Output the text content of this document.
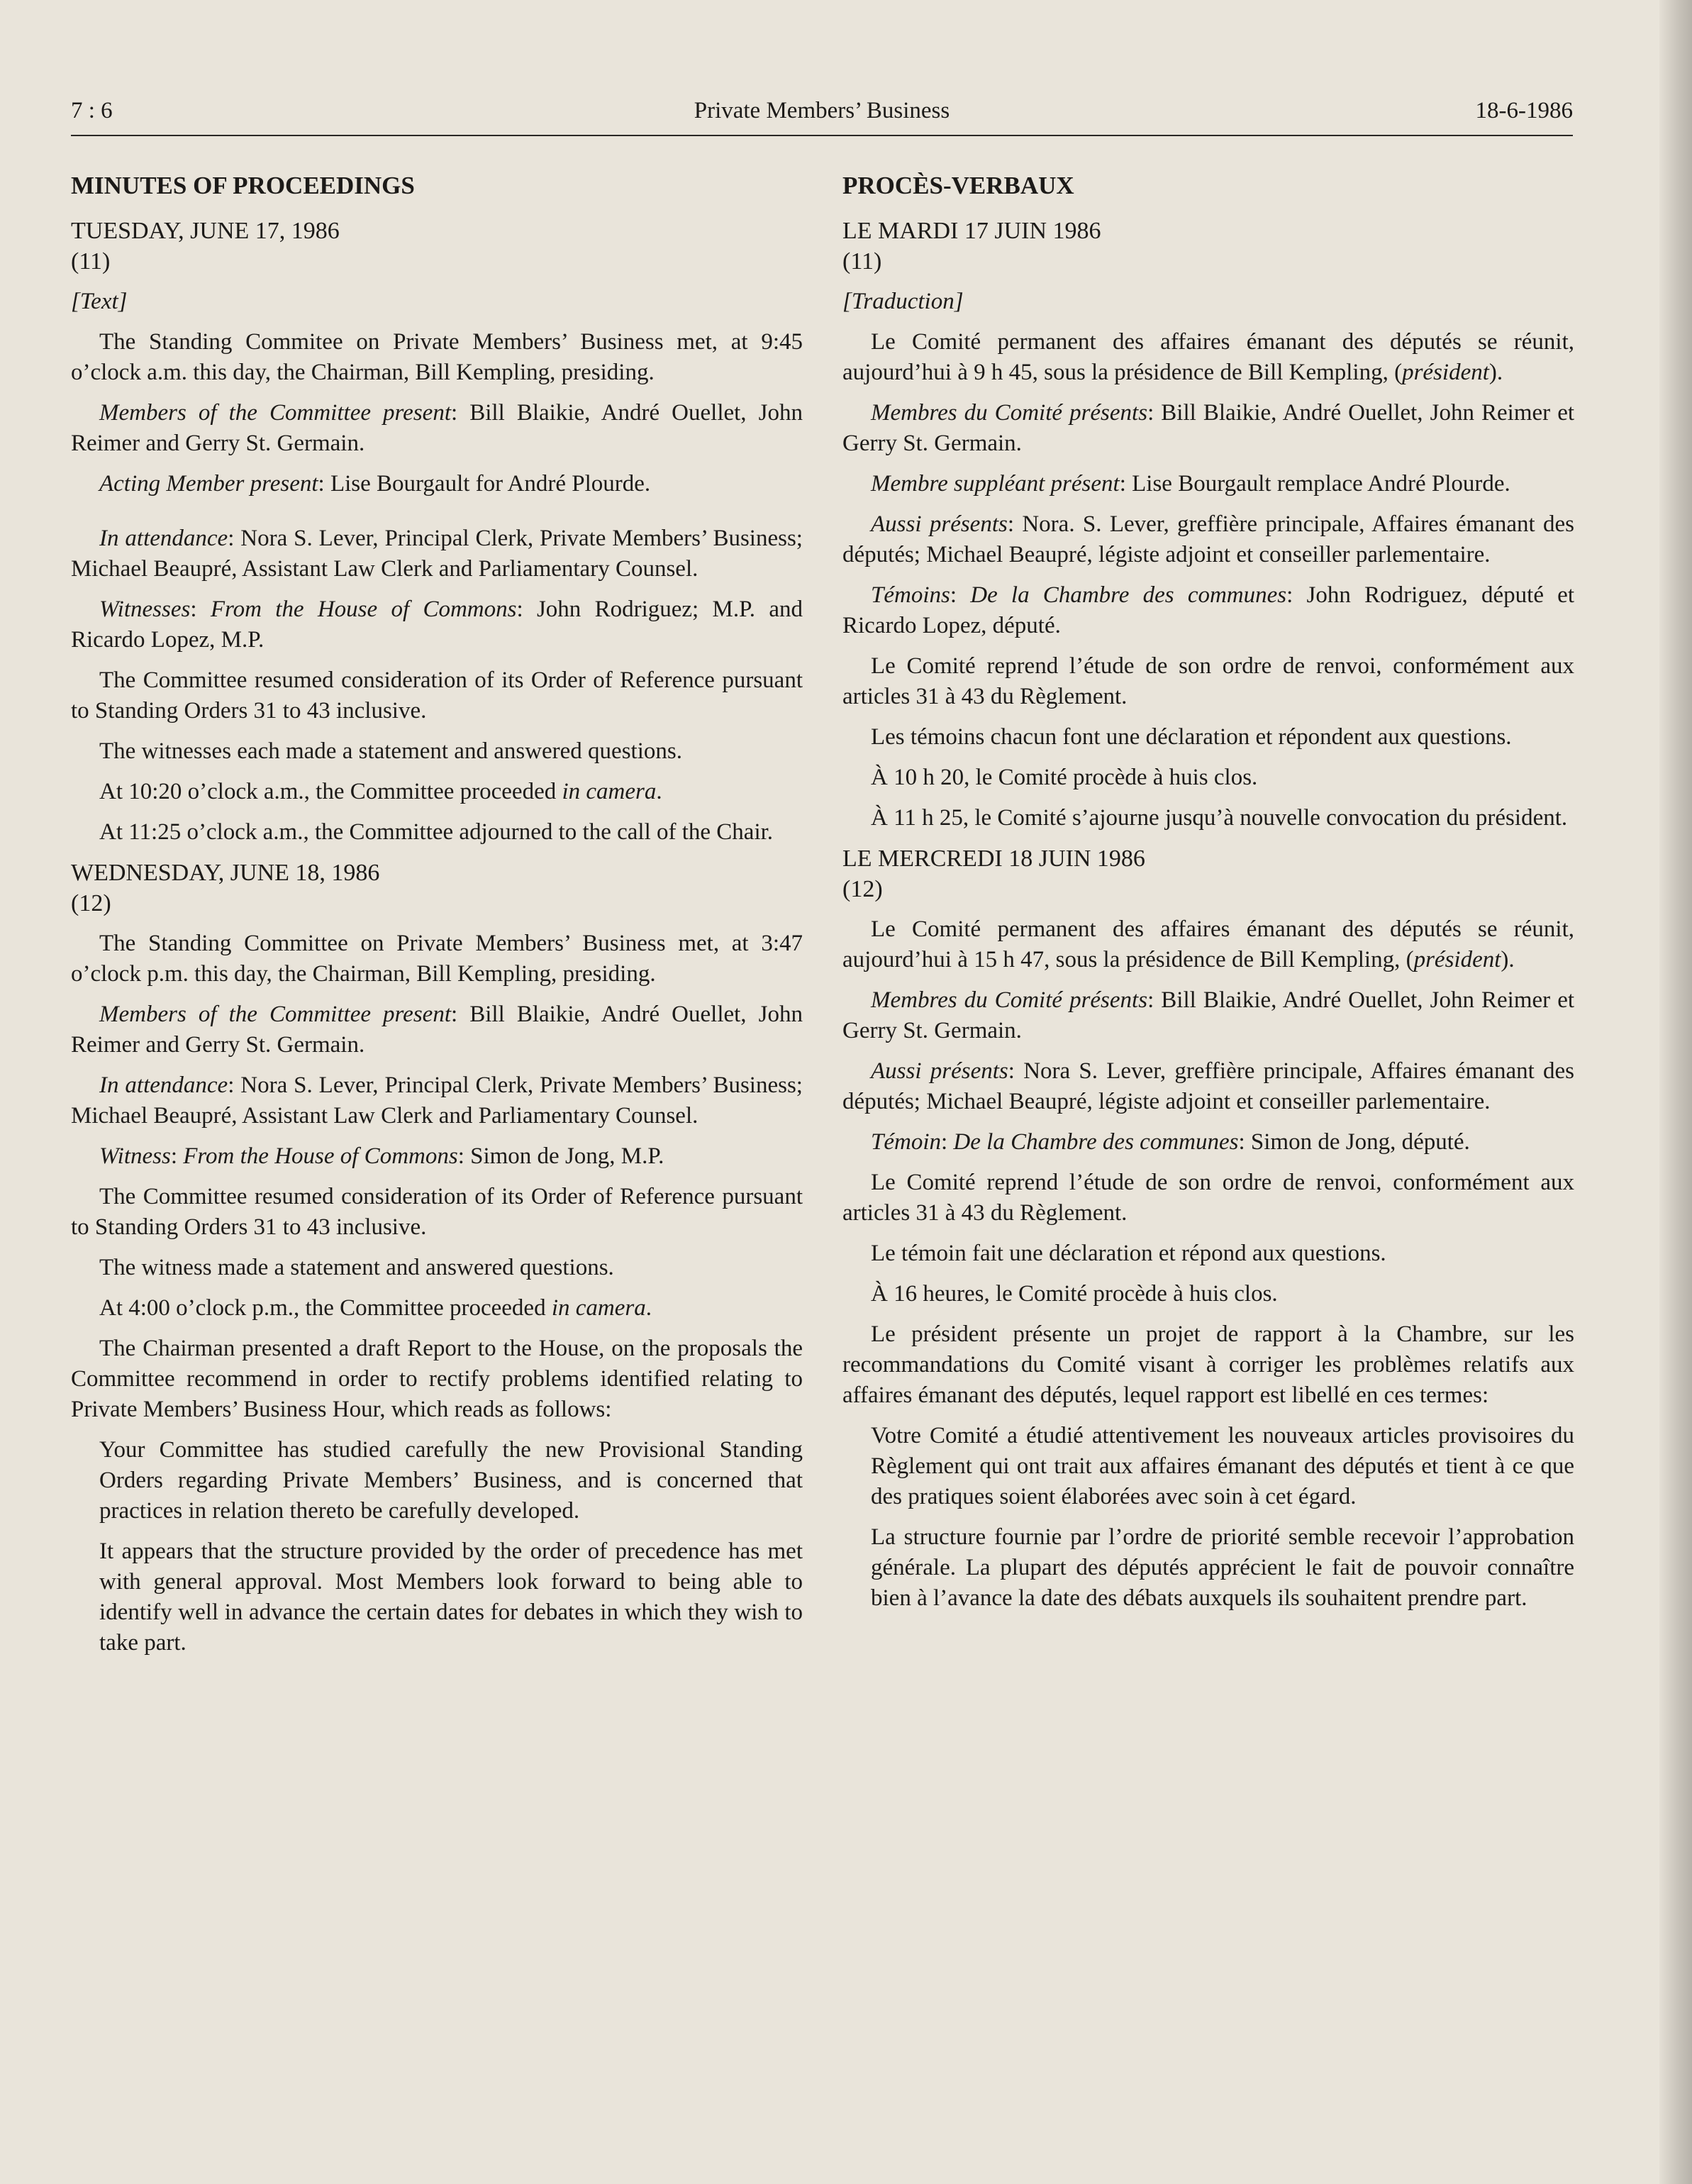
7 : 6	Private Members’ Business	18-6-1986
MINUTES OF PROCEEDINGS
TUESDAY, JUNE 17, 1986
(11)
[Text]

The Standing Commitee on Private Members’ Business met, at 9:45 o’clock a.m. this day, the Chairman, Bill Kempling, presiding.

Members of the Committee present: Bill Blaikie, André Ouellet, John Reimer and Gerry St. Germain.

Acting Member present: Lise Bourgault for André Plourde.

In attendance: Nora S. Lever, Principal Clerk, Private Members’ Business; Michael Beaupré, Assistant Law Clerk and Parliamentary Counsel.

Witnesses: From the House of Commons: John Rodriguez; M.P. and Ricardo Lopez, M.P.

The Committee resumed consideration of its Order of Reference pursuant to Standing Orders 31 to 43 inclusive.

The witnesses each made a statement and answered questions.

At 10:20 o’clock a.m., the Committee proceeded in camera.

At 11:25 o’clock a.m., the Committee adjourned to the call of the Chair.

WEDNESDAY, JUNE 18, 1986
(12)

The Standing Committee on Private Members’ Business met, at 3:47 o’clock p.m. this day, the Chairman, Bill Kempling, presiding.

Members of the Committee present: Bill Blaikie, André Ouellet, John Reimer and Gerry St. Germain.

In attendance: Nora S. Lever, Principal Clerk, Private Members’ Business; Michael Beaupré, Assistant Law Clerk and Parliamentary Counsel.

Witness: From the House of Commons: Simon de Jong, M.P.

The Committee resumed consideration of its Order of Reference pursuant to Standing Orders 31 to 43 inclusive.

The witness made a statement and answered questions.

At 4:00 o’clock p.m., the Committee proceeded in camera.

The Chairman presented a draft Report to the House, on the proposals the Committee recommend in order to rectify problems identified relating to Private Members’ Business Hour, which reads as follows:

Your Committee has studied carefully the new Provisional Standing Orders regarding Private Members’ Business, and is concerned that practices in relation thereto be carefully developed.

It appears that the structure provided by the order of precedence has met with general approval. Most Members look forward to being able to identify well in advance the certain dates for debates in which they wish to take part.

PROCÈS-VERBAUX
LE MARDI 17 JUIN 1986
(11)
[Traduction]

Le Comité permanent des affaires émanant des députés se réunit, aujourd’hui à 9 h 45, sous la présidence de Bill Kempling, (président).

Membres du Comité présents: Bill Blaikie, André Ouellet, John Reimer et Gerry St. Germain.

Membre suppléant présent: Lise Bourgault remplace André Plourde.

Aussi présents: Nora. S. Lever, greffière principale, Affaires émanant des députés; Michael Beaupré, légiste adjoint et conseiller parlementaire.

Témoins: De la Chambre des communes: John Rodriguez, député et Ricardo Lopez, député.

Le Comité reprend l’étude de son ordre de renvoi, conformément aux articles 31 à 43 du Règlement.

Les témoins chacun font une déclaration et répondent aux questions.

À 10 h 20, le Comité procède à huis clos.

À 11 h 25, le Comité s’ajourne jusqu’à nouvelle convocation du président.

LE MERCREDI 18 JUIN 1986
(12)

Le Comité permanent des affaires émanant des députés se réunit, aujourd’hui à 15 h 47, sous la présidence de Bill Kempling, (président).

Membres du Comité présents: Bill Blaikie, André Ouellet, John Reimer et Gerry St. Germain.

Aussi présents: Nora S. Lever, greffière principale, Affaires émanant des députés; Michael Beaupré, légiste adjoint et conseiller parlementaire.

Témoin: De la Chambre des communes: Simon de Jong, député.

Le Comité reprend l’étude de son ordre de renvoi, conformément aux articles 31 à 43 du Règlement.

Le témoin fait une déclaration et répond aux questions.

À 16 heures, le Comité procède à huis clos.

Le président présente un projet de rapport à la Chambre, sur les recommandations du Comité visant à corriger les problèmes relatifs aux affaires émanant des députés, lequel rapport est libellé en ces termes:

Votre Comité a étudié attentivement les nouveaux articles provisoires du Règlement qui ont trait aux affaires émanant des députés et tient à ce que des pratiques soient élaborées avec soin à cet égard.

La structure fournie par l’ordre de priorité semble recevoir l’approbation générale. La plupart des députés apprécient le fait de pouvoir connaître bien à l’avance la date des débats auxquels ils souhaitent prendre part.
